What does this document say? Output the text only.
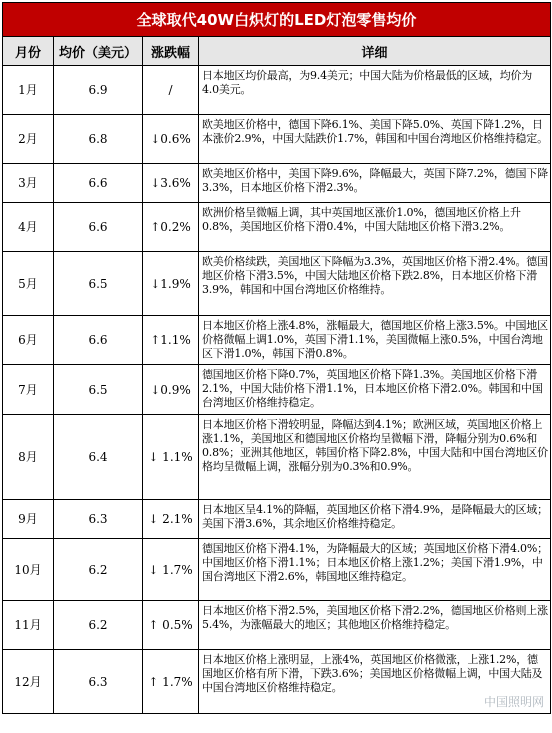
全球取代40W白炽灯的LED灯泡零售均价			
月份	均价（美元）	涨跌幅	详细
1月	6.9	/	日本地区均价最高，为9.4美元；中国大陆为价格最低的区域，均价为4.0美元。
2月	6.8	↓0.6%	欧美地区价格中，德国下降6.1%、美国下降5.0%、英国下降1.2%，日本涨价2.9%，中国大陆跌价1.7%，韩国和中国台湾地区价格维持稳定。
3月	6.6	↓3.6%	欧美地区价格中，美国下降9.6%，降幅最大，英国下降7.2%，德国下降3.3%，日本地区价格下滑2.3%。
4月	6.6	↑0.2%	欧洲价格呈微幅上调，其中英国地区涨价1.0%，德国地区价格上升0.8%，美国地区价格下滑0.4%，中国大陆地区价格下滑3.2%。
5月	6.5	↓1.9%	欧美价格续跌，美国地区下降幅为3.3%，英国地区价格下滑2.4%。德国地区价格下滑3.5%，中国大陆地区价格下跌2.8%，日本地区价格下滑3.9%，韩国和中国台湾地区价格维持。
6月	6.6	↑1.1%	日本地区价格上涨4.8%，涨幅最大，德国地区价格上涨3.5%。中国地区价格微幅上调1.0%，英国下滑1.1%，美国微幅上涨0.5%，中国台湾地区下滑1.0%，韩国下滑0.8%。
7月	6.5	↓0.9%	德国地区价格下降0.7%，英国地区价格下降1.3%。美国地区价格下滑2.1%，中国大陆价格下滑1.1%，日本地区价格下滑2.0%。韩国和中国台湾地区价格维持稳定。
8月	6.4	↓ 1.1%	日本地区价格下滑较明显，降幅达到4.1%；欧洲区域，英国地区价格上涨1.1%，美国地区和德国地区价格均呈微幅下滑，降幅分别为0.6%和0.8%；亚洲其他地区，韩国价格下降2.8%，中国大陆和中国台湾地区价格均呈微幅上调，涨幅分别为0.3%和0.9%。
9月	6.3	↓ 2.1%	日本地区呈4.1%的降幅，英国地区价格下滑4.9%，是降幅最大的区域；美国下滑3.6%，其余地区价格维持稳定。
10月	6.2	↓ 1.7%	德国地区价格下滑4.1%，为降幅最大的区域；英国地区价格下滑4.0%；中国地区价格下滑1.1%；日本地区价格上涨1.2%；美国下滑1.9%，中国台湾地区下滑2.6%，韩国地区维持稳定。
11月	6.2	↑ 0.5%	日本地区价格下滑2.5%，美国地区价格下滑2.2%，德国地区价格则上涨5.4%，为涨幅最大的地区；其他地区价格维持稳定。
12月	6.3	↑ 1.7%	日本地区价格上涨明显，上涨4%，英国地区价格微涨，上涨1.2%，德国地区价格有所下滑，下跌3.6%；美国地区价格微幅上调，中国大陆及中国台湾地区价格维持稳定。
中国照明网
